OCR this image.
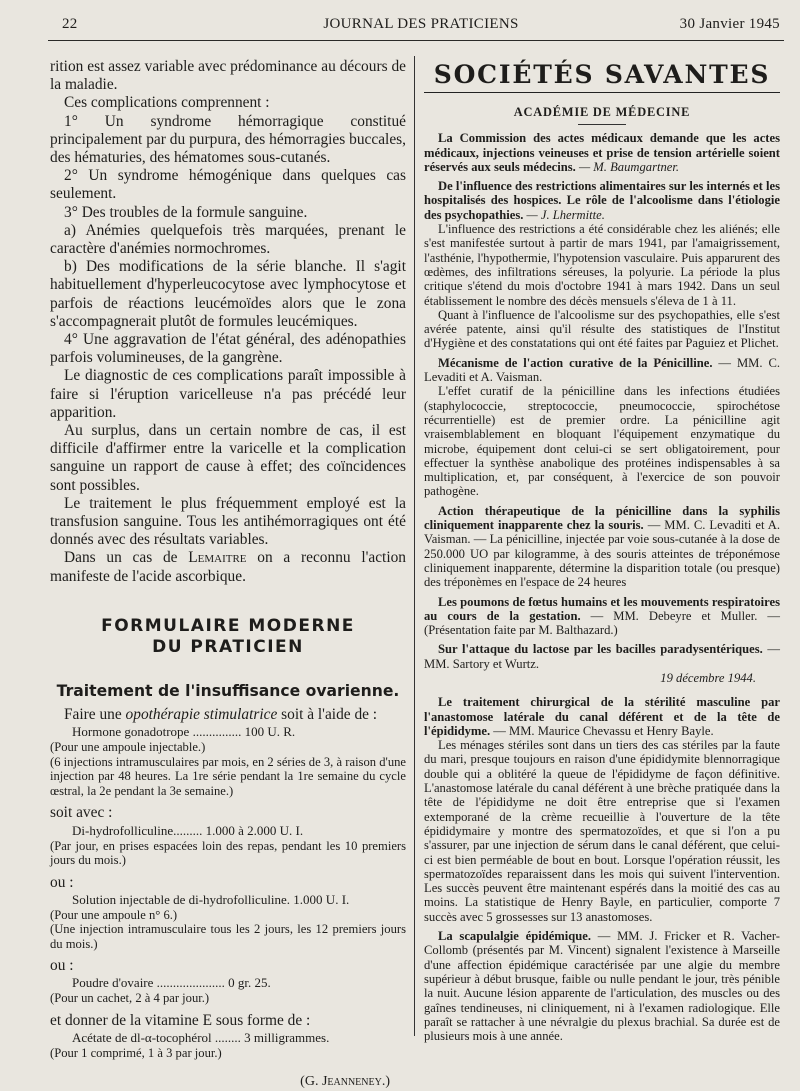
22	JOURNAL DES PRATICIENS	30 Janvier 1945

rition est assez variable avec prédominance au décours de la maladie.

Ces complications comprennent :

1° Un syndrome hémorragique constitué principalement par du purpura, des hémorragies buccales, des hématuries, des hématomes sous-cutanés.

2° Un syndrome hémogénique dans quelques cas seulement.

3° Des troubles de la formule sanguine.

a) Anémies quelquefois très marquées, prenant le caractère d'anémies normochromes.

b) Des modifications de la série blanche. Il s'agit habituellement d'hyperleucocytose avec lymphocytose et parfois de réactions leucémoïdes alors que le zona s'accompagnerait plutôt de formules leucémiques.

4° Une aggravation de l'état général, des adénopathies parfois volumineuses, de la gangrène.

Le diagnostic de ces complications paraît impossible à faire si l'éruption varicelleuse n'a pas précédé leur apparition.

Au surplus, dans un certain nombre de cas, il est difficile d'affirmer entre la varicelle et la complication sanguine un rapport de cause à effet; des coïncidences sont possibles.

Le traitement le plus fréquemment employé est la transfusion sanguine. Tous les antihémorragiques ont été donnés avec des résultats variables.

Dans un cas de Lemaitre on a reconnu l'action manifeste de l'acide ascorbique.

FORMULAIRE MODERNE
DU PRATICIEN
Traitement de l'insuffisance ovarienne.

Faire une opothérapie stimulatrice soit à l'aide de :

Hormone gonadotrope ............... 100 U. R.

(Pour une ampoule injectable.)

(6 injections intramusculaires par mois, en 2 séries de 3, à raison d'une injection par 48 heures. La 1re série pendant la 1re semaine du cycle œstral, la 2e pendant la 3e semaine.)

soit avec :

Di-hydrofolliculine......... 1.000 à 2.000 U. I.

(Par jour, en prises espacées loin des repas, pendant les 10 premiers jours du mois.)

ou :

Solution injectable de di-hydrofolliculine. 1.000 U. I.

(Pour une ampoule n° 6.)

(Une injection intramusculaire tous les 2 jours, les 12 premiers jours du mois.)

ou :

Poudre d'ovaire ..................... 0 gr. 25.

(Pour un cachet, 2 à 4 par jour.)

et donner de la vitamine E sous forme de :

Acétate de dl-α-tocophérol ........ 3 milligrammes.

(Pour 1 comprimé, 1 à 3 par jour.)

(G. Jeanneney.)
SOCIÉTÉS SAVANTES
ACADÉMIE DE MÉDECINE

La Commission des actes médicaux demande que les actes médicaux, injections veineuses et prise de tension artérielle soient réservés aux seuls médecins. — M. Baumgartner.

De l'influence des restrictions alimentaires sur les internés et les hospitalisés des hospices. Le rôle de l'alcoolisme dans l'étiologie des psychopathies. — J. Lhermitte.

L'influence des restrictions a été considérable chez les aliénés; elle s'est manifestée surtout à partir de mars 1941, par l'amaigrissement, l'asthénie, l'hypothermie, l'hypotension vasculaire. Puis apparurent des œdèmes, des infiltrations séreuses, la polyurie. La période la plus critique s'étend du mois d'octobre 1941 à mars 1942. Dans un seul établissement le nombre des décès mensuels s'éleva de 1 à 11.

Quant à l'influence de l'alcoolisme sur des psychopathies, elle s'est avérée patente, ainsi qu'il résulte des statistiques de l'Institut d'Hygiène et des constatations qui ont été faites par Paguiez et Plichet.

Mécanisme de l'action curative de la Pénicilline. — MM. C. Levaditi et A. Vaisman.

L'effet curatif de la pénicilline dans les infections étudiées (staphylococcie, streptococcie, pneumococcie, spirochétose récurrentielle) est de premier ordre. La pénicilline agit vraisemblablement en bloquant l'équipement enzymatique du microbe, équipement dont celui-ci se sert obligatoirement, pour effectuer la synthèse anabolique des protéines indispensables à sa multiplication, et, par conséquent, à l'exercice de son pouvoir pathogène.

Action thérapeutique de la pénicilline dans la syphilis cliniquement inapparente chez la souris. — MM. C. Levaditi et A. Vaisman. — La pénicilline, injectée par voie sous-cutanée à la dose de 250.000 UO par kilogramme, à des souris atteintes de tréponémose cliniquement inapparente, détermine la disparition totale (ou presque) des tréponèmes en l'espace de 24 heures

Les poumons de fœtus humains et les mouvements respiratoires au cours de la gestation. — MM. Debeyre et Muller. — (Présentation faite par M. Balthazard.)

Sur l'attaque du lactose par les bacilles paradysentériques. — MM. Sartory et Wurtz.

19 décembre 1944.

Le traitement chirurgical de la stérilité masculine par l'anastomose latérale du canal déférent et de la tête de l'épididyme. — MM. Maurice Chevassu et Henry Bayle.

Les ménages stériles sont dans un tiers des cas stériles par la faute du mari, presque toujours en raison d'une épididymite blennorragique double qui a oblitéré la queue de l'épididyme de façon définitive. L'anastomose latérale du canal déférent à une brèche pratiquée dans la tête de l'épididyme ne doit être entreprise que si l'examen extemporané de la crème recueillie à l'ouverture de la tête épididymaire y montre des spermatozoïdes, et que si l'on a pu s'assurer, par une injection de sérum dans le canal déférent, que celui-ci est bien perméable de bout en bout. Lorsque l'opération réussit, les spermatozoïdes reparaissent dans les mois qui suivent l'intervention. Les succès peuvent être maintenant espérés dans la moitié des cas au moins. La statistique de Henry Bayle, en particulier, comporte 7 succès avec 5 grossesses sur 13 anastomoses.

La scapulalgie épidémique. — MM. J. Fricker et R. Vacher-Collomb (présentés par M. Vincent) signalent l'existence à Marseille d'une affection épidémique caractérisée par une algie du membre supérieur à début brusque, faible ou nulle pendant le jour, très pénible la nuit. Aucune lésion apparente de l'articulation, des muscles ou des gaînes tendineuses, ni cliniquement, ni à l'examen radiologique. Elle paraît se rattacher à une névralgie du plexus brachial. Sa durée est de plusieurs mois à une année.
